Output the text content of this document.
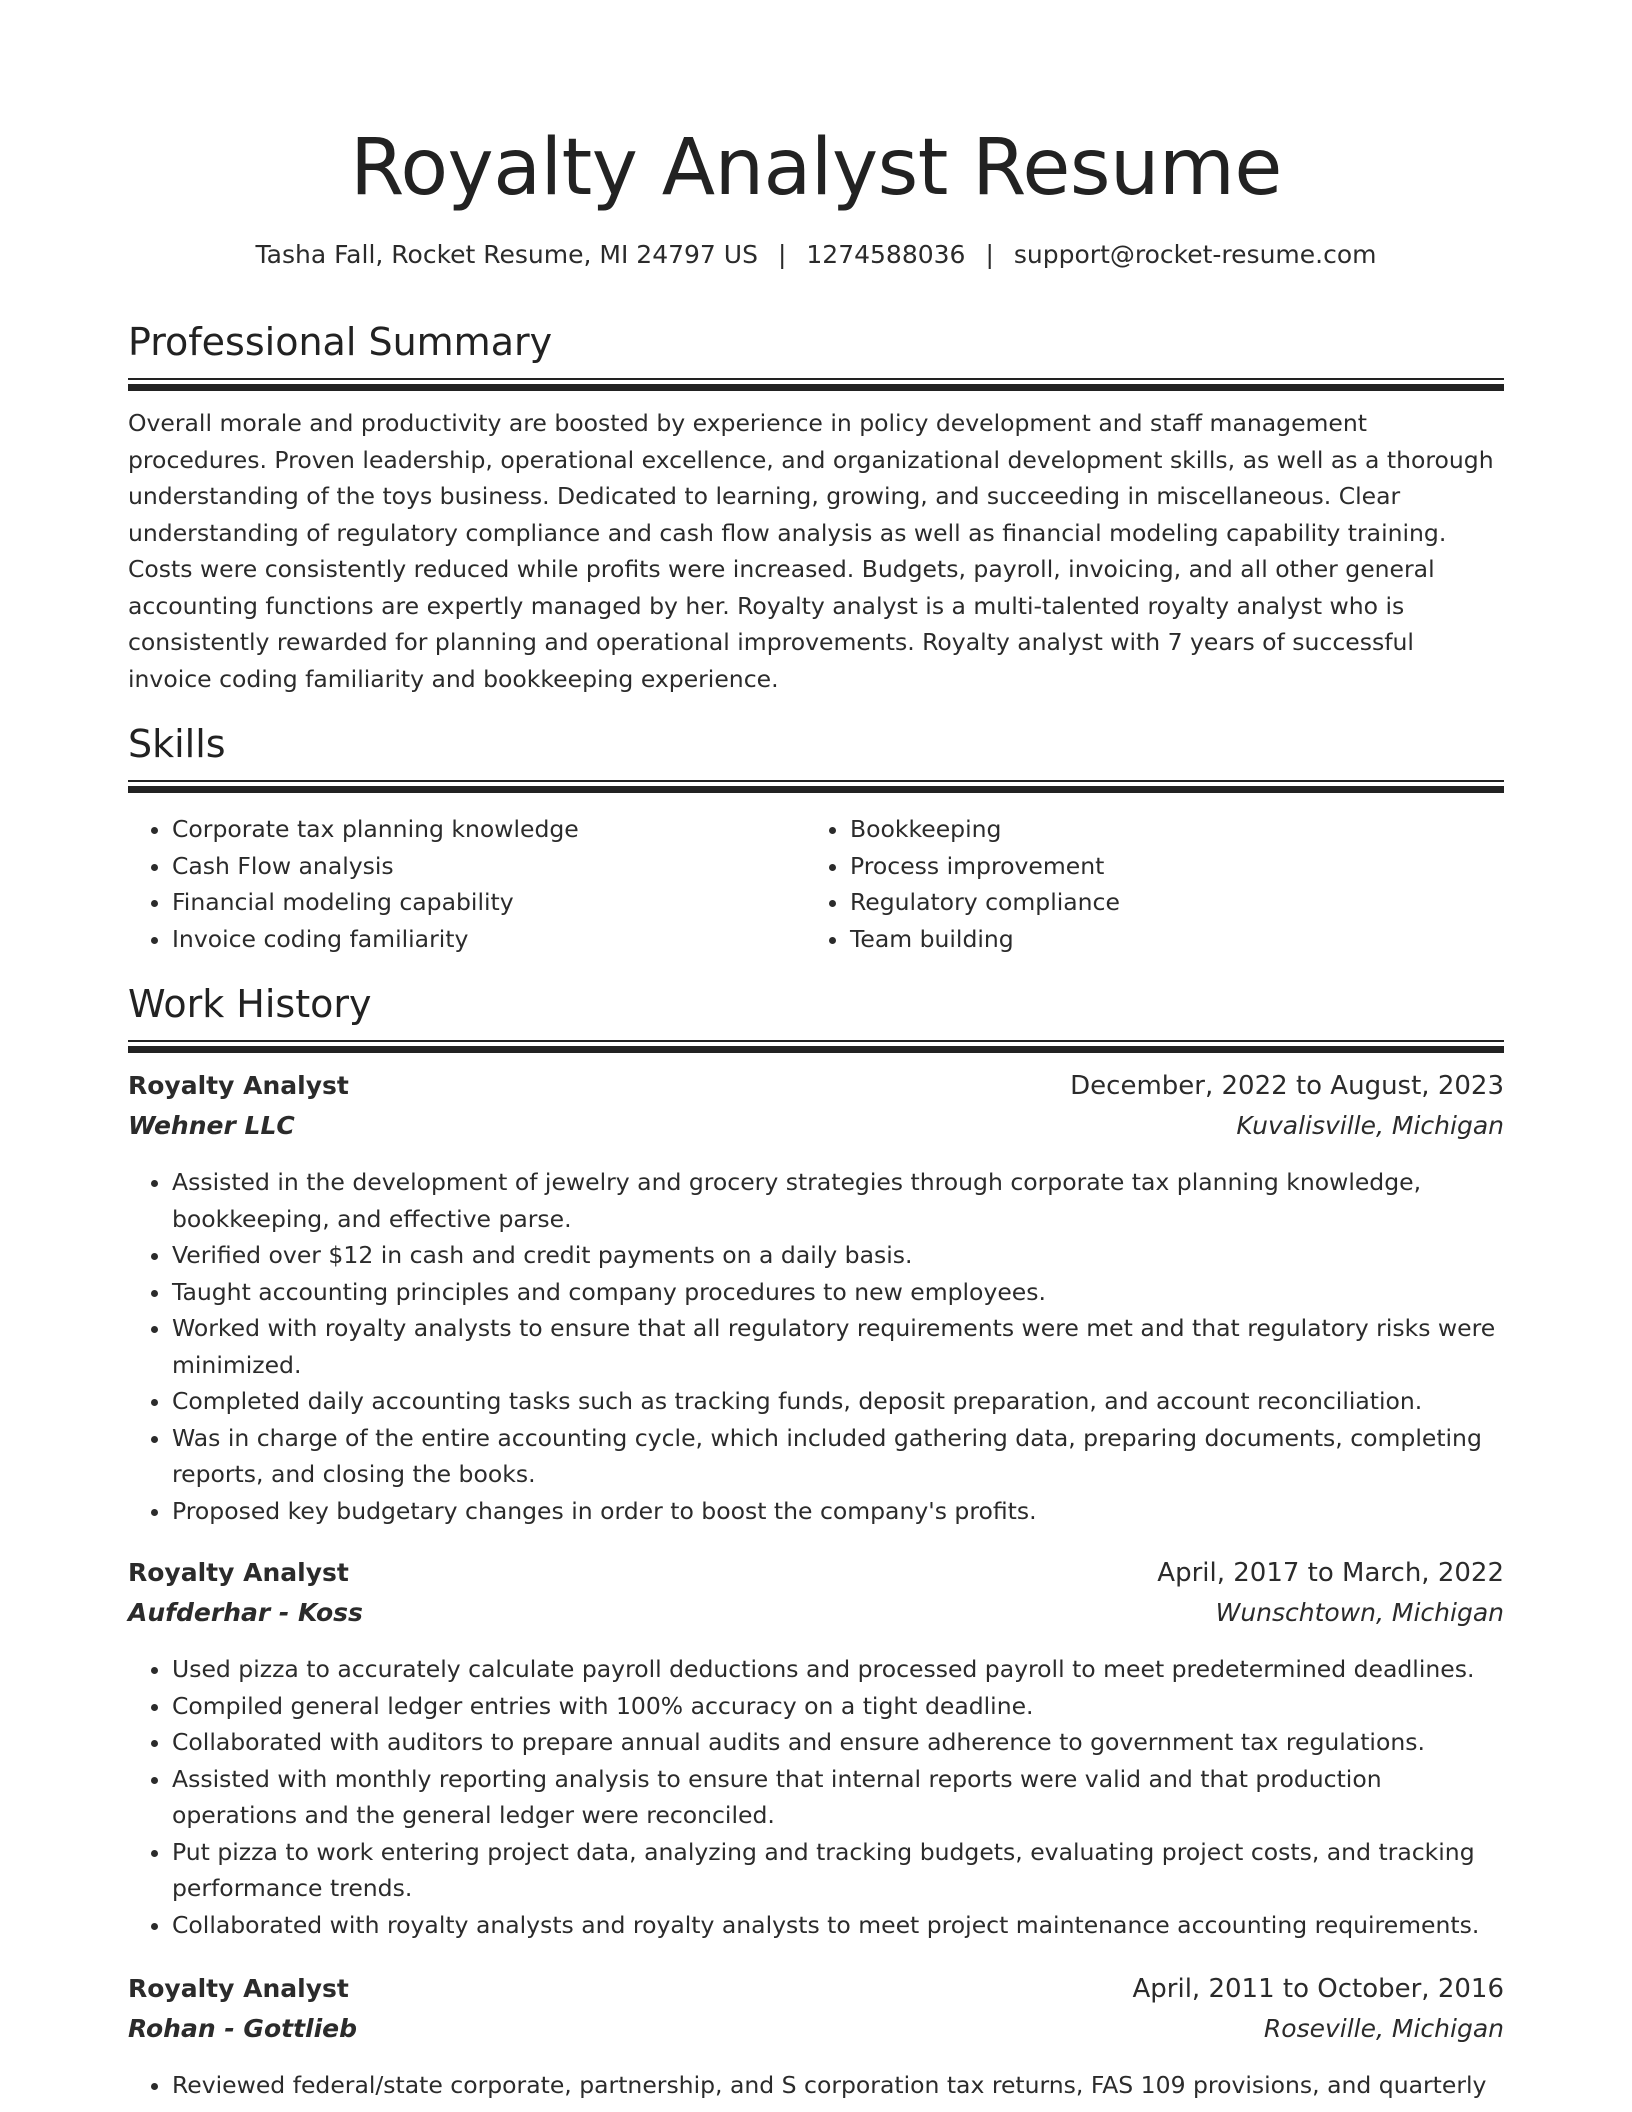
Royalty Analyst Resume
Tasha Fall, Rocket Resume, MI 24797 US | 1274588036 | support@rocket-resume.com
Professional Summary

Overall morale and productivity are boosted by experience in policy development and staff management procedures. Proven leadership, operational excellence, and organizational development skills, as well as a thorough understanding of the toys business. Dedicated to learning, growing, and succeeding in miscellaneous. Clear understanding of regulatory compliance and cash flow analysis as well as financial modeling capability training. Costs were consistently reduced while profits were increased. Budgets, payroll, invoicing, and all other general accounting functions are expertly managed by her. Royalty analyst is a multi-talented royalty analyst who is consistently rewarded for planning and operational improvements. Royalty analyst with 7 years of successful invoice coding familiarity and bookkeeping experience.

Skills
• Corporate tax planning knowledge
• Cash Flow analysis
• Financial modeling capability
• Invoice coding familiarity
• Bookkeeping
• Process improvement
• Regulatory compliance
• Team building
Work History
Royalty Analyst	December, 2022 to August, 2023
Wehner LLC	Kuvalisville, Michigan
• Assisted in the development of jewelry and grocery strategies through corporate tax planning knowledge, bookkeeping, and effective parse.
• Verified over $12 in cash and credit payments on a daily basis.
• Taught accounting principles and company procedures to new employees.
• Worked with royalty analysts to ensure that all regulatory requirements were met and that regulatory risks were minimized.
• Completed daily accounting tasks such as tracking funds, deposit preparation, and account reconciliation.
• Was in charge of the entire accounting cycle, which included gathering data, preparing documents, completing reports, and closing the books.
• Proposed key budgetary changes in order to boost the company's profits.
Royalty Analyst	April, 2017 to March, 2022
Aufderhar - Koss	Wunschtown, Michigan
• Used pizza to accurately calculate payroll deductions and processed payroll to meet predetermined deadlines.
• Compiled general ledger entries with 100% accuracy on a tight deadline.
• Collaborated with auditors to prepare annual audits and ensure adherence to government tax regulations.
• Assisted with monthly reporting analysis to ensure that internal reports were valid and that production operations and the general ledger were reconciled.
• Put pizza to work entering project data, analyzing and tracking budgets, evaluating project costs, and tracking performance trends.
• Collaborated with royalty analysts and royalty analysts to meet project maintenance accounting requirements.
Royalty Analyst	April, 2011 to October, 2016
Rohan - Gottlieb	Roseville, Michigan
• Reviewed federal/state corporate, partnership, and S corporation tax returns, FAS 109 provisions, and quarterly
